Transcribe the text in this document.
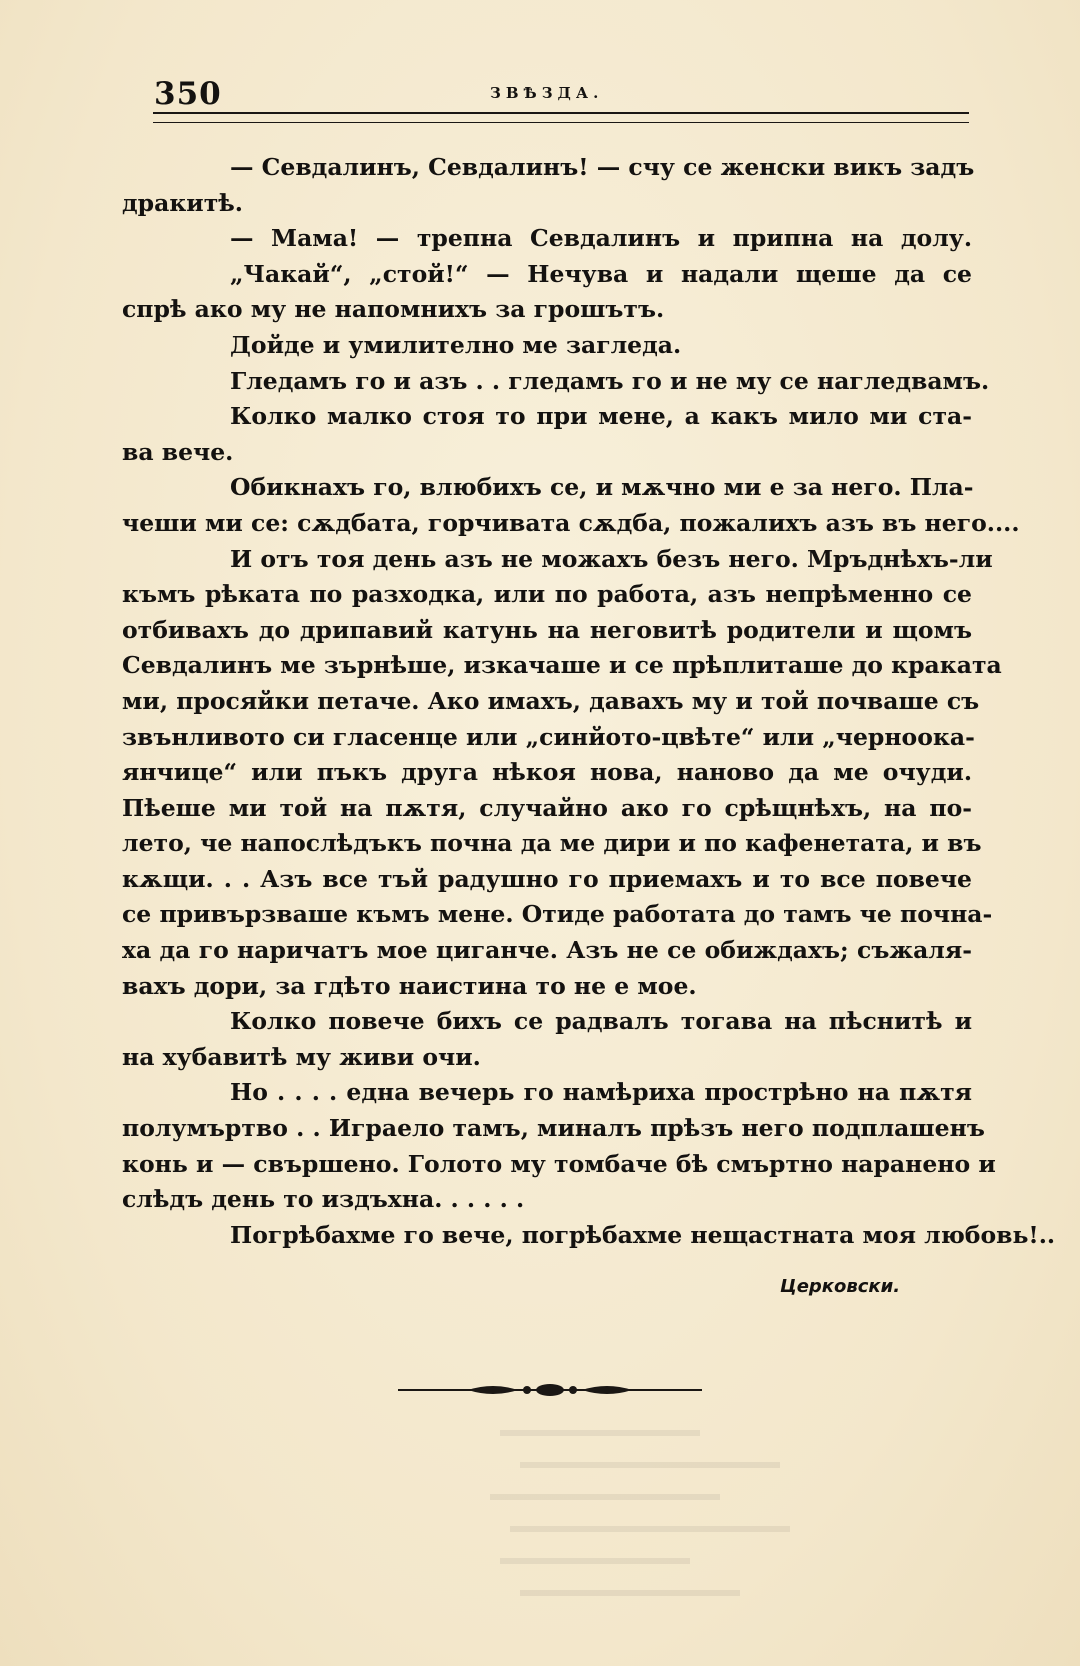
350	ЗВѢЗДА.
— Севдалинъ, Севдалинъ! — счу се женски викъ задъ
дракитѣ.
— Мама! — трепна Севдалинъ и припна на долу.
„Чакай“, „стой!“ — Нечува и надали щеше да се
спрѣ ако му не напомнихъ за грошътъ.
Дойде и умилително ме загледа.
Гледамъ го и азъ . . гледамъ го и не му се нагледвамъ.
Колко малко стоя то при мене, а какъ мило ми ста-
ва вече.
Обикнахъ го, влюбихъ се, и мѫчно ми е за него. Пла-
чеши ми се: сѫдбата, горчивата сѫдба, пожалихъ азъ въ него....
И отъ тоя день азъ не можахъ безъ него. Мръднѣхъ-ли
къмъ рѣката по разходка, или по работа, азъ непрѣменно се
отбивахъ до дрипавий катунь на неговитѣ родители и щомъ
Севдалинъ ме зърнѣше, изкачаше и се прѣплиташе до краката
ми, просяйки петаче. Ако имахъ, давахъ му и той почваше съ
звънливото си гласенце или „синйото-цвѣте“ или „черноока-
янчице“ или пъкъ друга нѣкоя нова, наново да ме очуди.
Пѣеше ми той на пѫтя, случайно ако го срѣщнѣхъ, на по-
лето, че напослѣдъкъ почна да ме дири и по кафенетата, и въ
кѫщи. . . Азъ все тъй радушно го приемахъ и то все повече
се привързваше къмъ мене. Отиде работата до тамъ че почна-
ха да го наричатъ мое циганче. Азъ не се обиждахъ; съжаля-
вахъ дори, за гдѣто наистина то не е мое.
Колко повече бихъ се радвалъ тогава на пѣснитѣ и
на хубавитѣ му живи очи.
Но . . . . една вечерь го намѣриха прострѣно на пѫтя
полумъртво . . Играело тамъ, миналъ прѣзъ него подплашенъ
конь и — свършено. Голото му томбаче бѣ смъртно наранено и
слѣдъ день то издъхна. . . . . .
Погрѣбахме го вече, погрѣбахме нещастната моя любовь!..
Церковски.
